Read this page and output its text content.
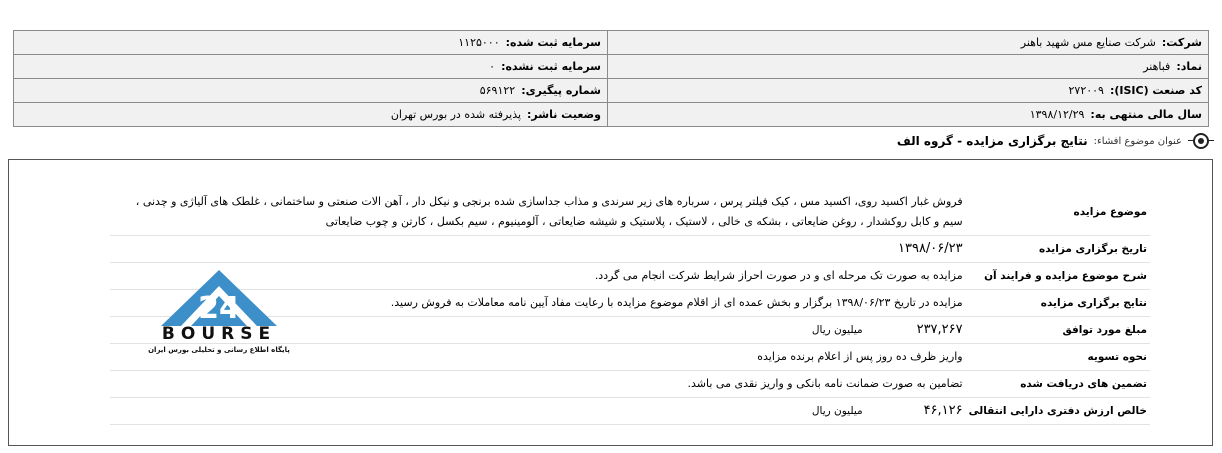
شرکت:شرکت صنایع مس شهید باهنر	سرمایه ثبت شده:۱۱۲۵۰۰۰
نماد:فباهنر	سرمایه ثبت نشده:۰
کد صنعت (ISIC):۲۷۲۰۰۹	شماره پیگیری:۵۶۹۱۲۲
سال مالی منتهی به:۱۳۹۸/۱۲/۲۹	وضعیت ناشر:پذیرفته شده در بورس تهران
عنوان موضوع افشاء:
نتایج برگزاری مزایده - گروه الف
موضوع مزایده	فروش غبار اکسید روی، اکسید مس ، کیک فیلتر پرس ، سرباره های زیر سرندی و مذاب جداسازی شده برنجی و نیکل دار ، آهن الات صنعتی و ساختمانی ، غلطک های آلیاژی و چدنی ، سیم و کابل روکشدار ، روغن ضایعاتی ، بشکه ی خالی ، لاستیک ، پلاستیک و شیشه ضایعاتی ، آلومینیوم ، سیم بکسل ، کارتن و چوب ضایعاتی
تاریخ برگزاری مزایده	۱۳۹۸/۰۶/۲۳
شرح موضوع مزایده و فرایند آن	مزایده به صورت تک مرحله ای و در صورت احراز شرایط شرکت انجام می گردد.
نتایج برگزاری مزایده	مزایده در تاریخ ۱۳۹۸/۰۶/۲۳ برگزار و بخش عمده ای از اقلام موضوع مزایده با رعایت مفاد آیین نامه معاملات به فروش رسید.
مبلغ مورد توافق	۲۳۷,۲۶۷میلیون ریال
نحوه تسویه	واریز ظرف ده روز پس از اعلام برنده مزایده
تضمین های دریافت شده	تضامین به صورت ضمانت نامه بانکی و واریز نقدی می باشد.
خالص ارزش دفتری دارایی انتقالی	۴۶,۱۲۶میلیون ریال
24
BOURSE
پایگاه اطلاع رسانی و تحلیلی بورس ایران
